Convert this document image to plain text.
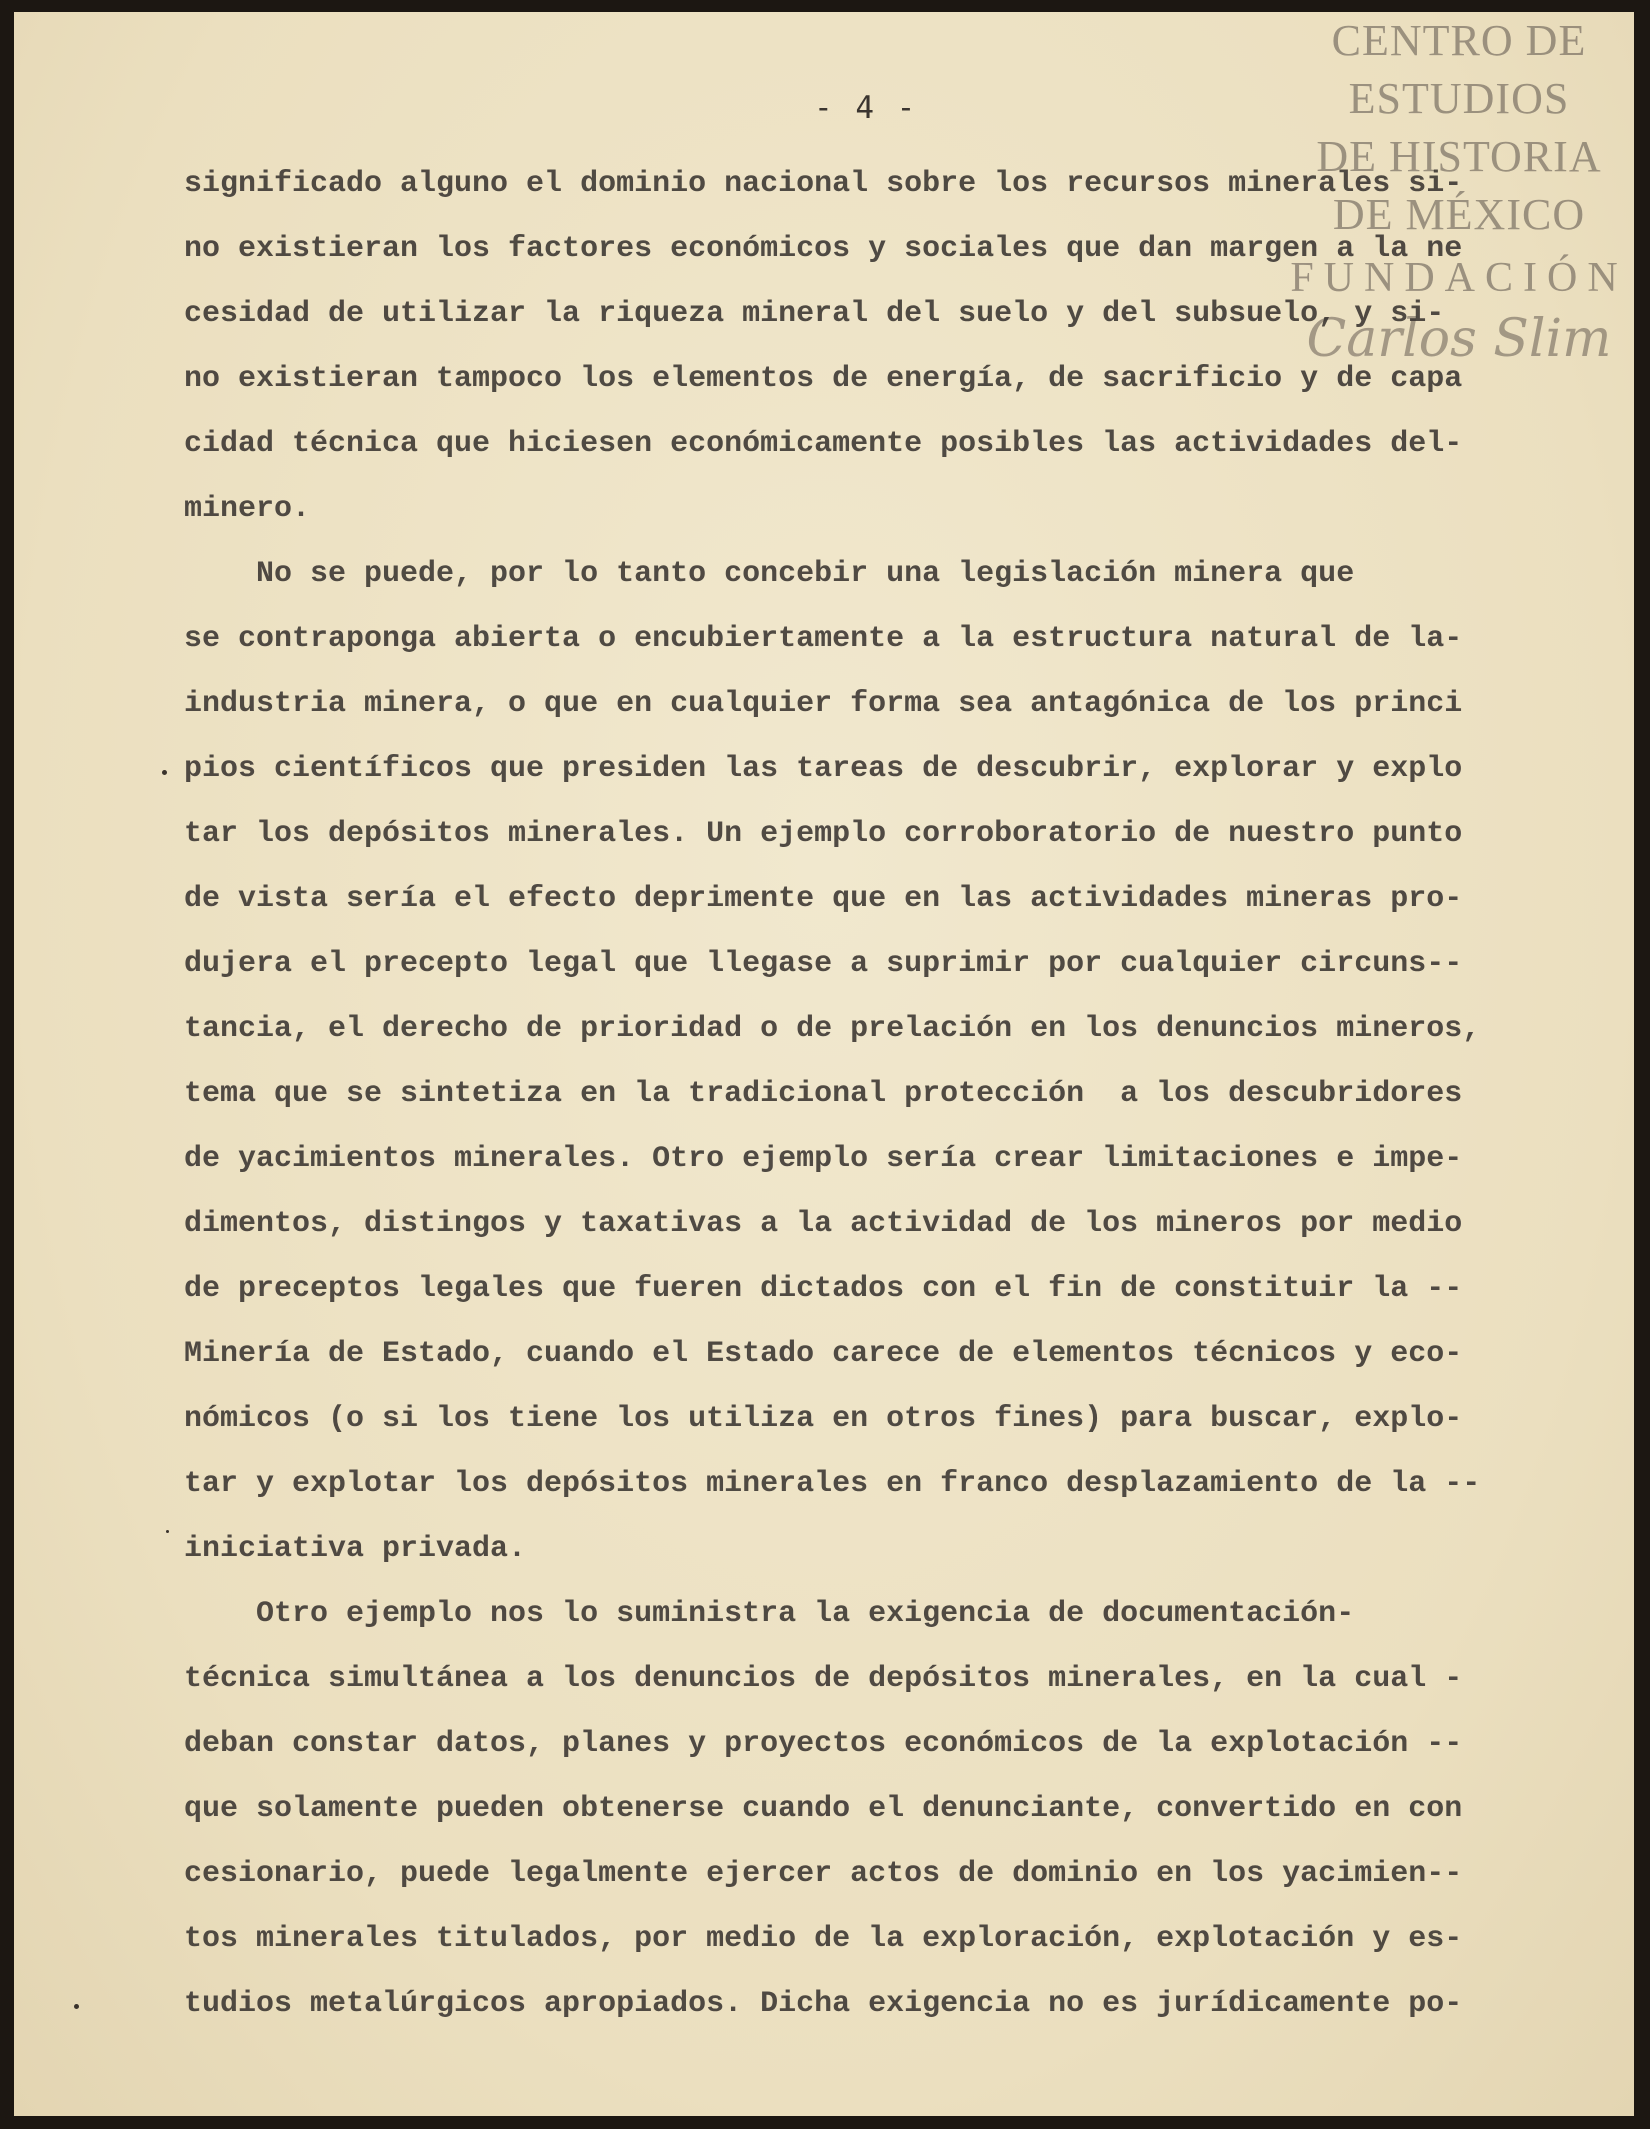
- 4 -
CENTRO DE
ESTUDIOS
DE HISTORIA
DE MÉXICO
FUNDACIÓN
Carlos Slim
significado alguno el dominio nacional sobre los recursos minerales si-
no existieran los factores económicos y sociales que dan margen a la ne
cesidad de utilizar la riqueza mineral del suelo y del subsuelo, y si-
no existieran tampoco los elementos de energía, de sacrificio y de capa
cidad técnica que hiciesen económicamente posibles las actividades del-
minero.
No se puede, por lo tanto concebir una legislación minera que
se contraponga abierta o encubiertamente a la estructura natural de la-
industria minera, o que en cualquier forma sea antagónica de los princi
pios científicos que presiden las tareas de descubrir, explorar y explo
tar los depósitos minerales. Un ejemplo corroboratorio de nuestro punto
de vista sería el efecto deprimente que en las actividades mineras pro-
dujera el precepto legal que llegase a suprimir por cualquier circuns--
tancia, el derecho de prioridad o de prelación en los denuncios mineros,
tema que se sintetiza en la tradicional protección  a los descubridores
de yacimientos minerales. Otro ejemplo sería crear limitaciones e impe-
dimentos, distingos y taxativas a la actividad de los mineros por medio
de preceptos legales que fueren dictados con el fin de constituir la --
Minería de Estado, cuando el Estado carece de elementos técnicos y eco-
nómicos (o si los tiene los utiliza en otros fines) para buscar, explo-
tar y explotar los depósitos minerales en franco desplazamiento de la --
iniciativa privada.
Otro ejemplo nos lo suministra la exigencia de documentación-
técnica simultánea a los denuncios de depósitos minerales, en la cual -
deban constar datos, planes y proyectos económicos de la explotación --
que solamente pueden obtenerse cuando el denunciante, convertido en con
cesionario, puede legalmente ejercer actos de dominio en los yacimien--
tos minerales titulados, por medio de la exploración, explotación y es-
tudios metalúrgicos apropiados. Dicha exigencia no es jurídicamente po-
